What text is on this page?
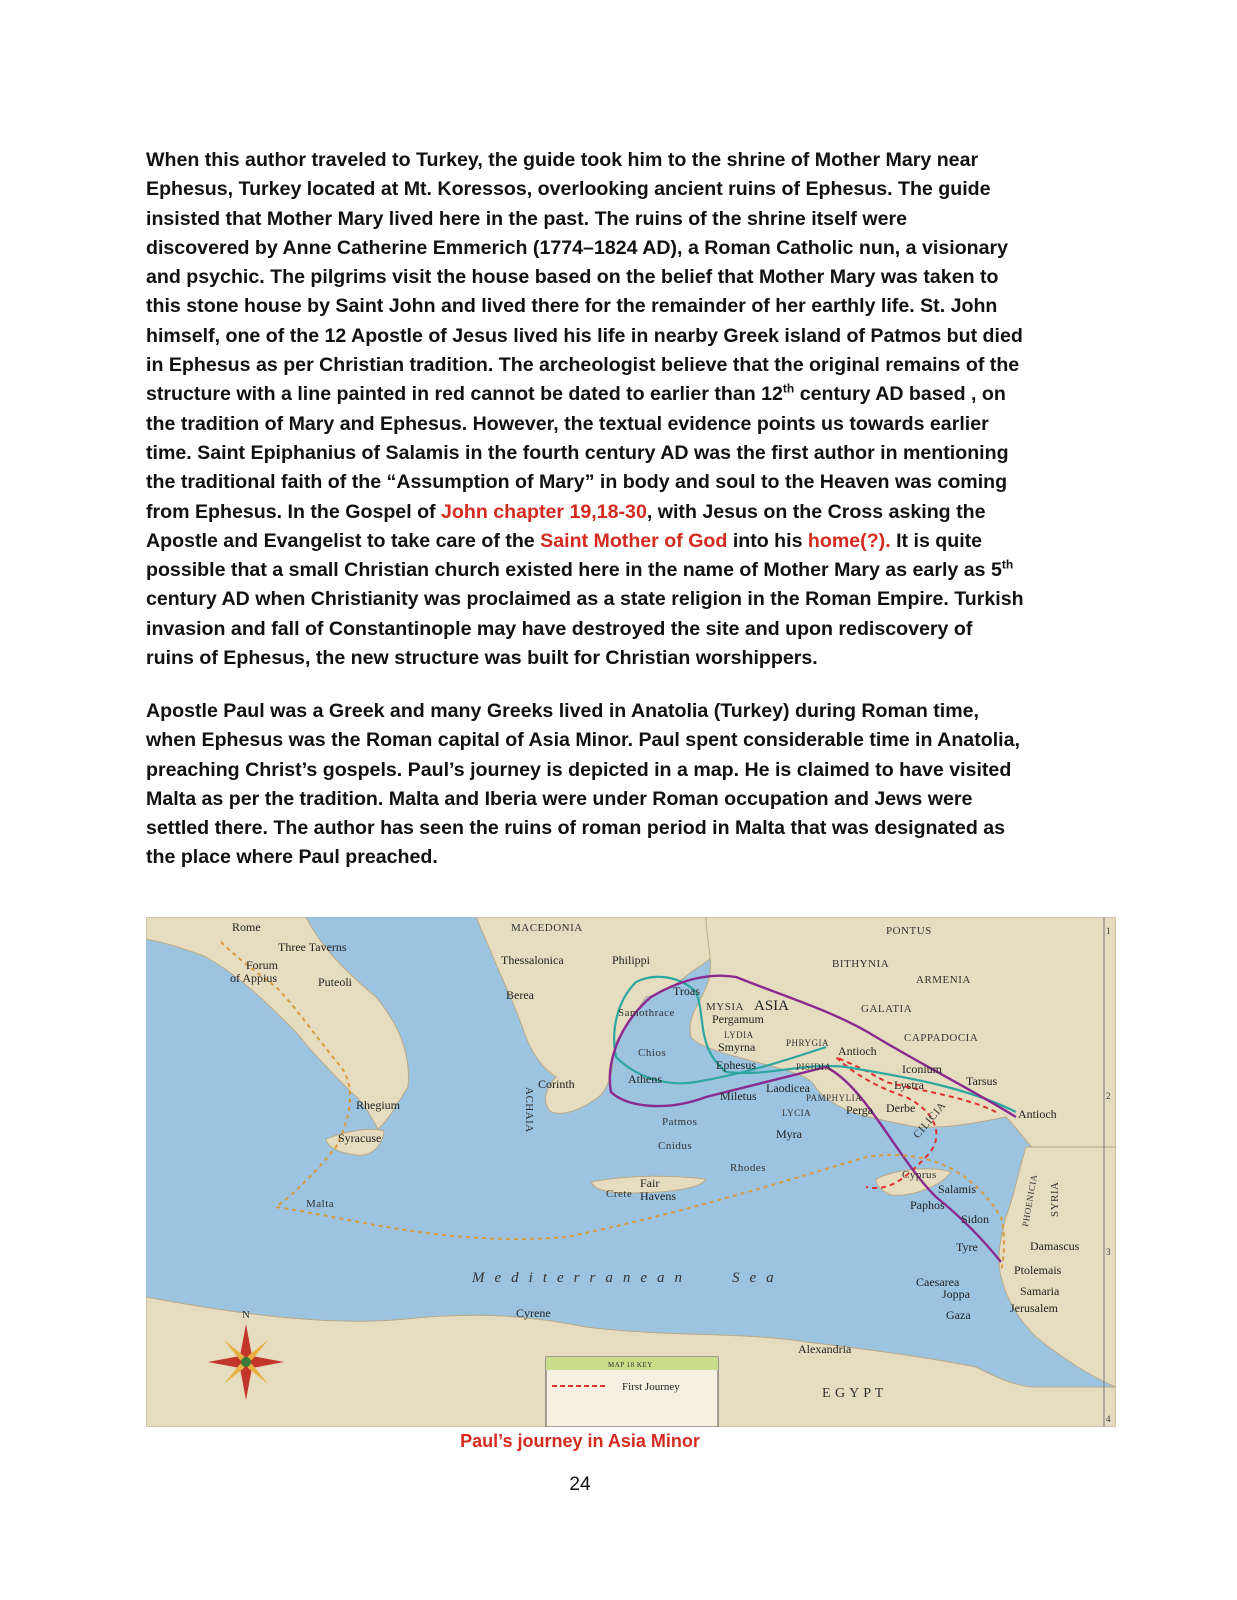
When this author traveled to Turkey, the guide took him to the shrine of Mother Mary near
Ephesus, Turkey located at Mt. Koressos, overlooking ancient ruins of Ephesus. The guide
insisted that Mother Mary lived here in the past. The ruins of the shrine itself were
discovered by Anne Catherine Emmerich (1774–1824 AD), a Roman Catholic nun, a visionary
and psychic. The pilgrims visit the house based on the belief that Mother Mary was taken to
this stone house by Saint John and lived there for the remainder of her earthly life. St. John
himself, one of the 12 Apostle of Jesus lived his life in nearby Greek island of Patmos but died
in Ephesus as per Christian tradition. The archeologist believe that the original remains of the
structure with a line painted in red cannot be dated to earlier than 12th century AD based , on
the tradition of Mary and Ephesus. However, the textual evidence points us towards earlier
time. Saint Epiphanius of Salamis in the fourth century AD was the first author in mentioning
the traditional faith of the “Assumption of Mary” in body and soul to the Heaven was coming
from Ephesus. In the Gospel of John chapter 19,18-30, with Jesus on the Cross asking the
Apostle and Evangelist to take care of the Saint Mother of God into his home(?). It is quite
possible that a small Christian church existed here in the name of Mother Mary as early as 5th
century AD when Christianity was proclaimed as a state religion in the Roman Empire. Turkish
invasion and fall of Constantinople may have destroyed the site and upon rediscovery of
ruins of Ephesus, the new structure was built for Christian worshippers.

Apostle Paul was a Greek and many Greeks lived in Anatolia (Turkey) during Roman time,
when Ephesus was the Roman capital of Asia Minor. Paul spent considerable time in Anatolia,
preaching Christ’s gospels. Paul’s journey is depicted in a map. He is claimed to have visited
Malta as per the tradition. Malta and Iberia were under Roman occupation and Jews were
settled there. The author has seen the ruins of roman period in Malta that was designated as
the place where Paul preached.

Rome
Three Taverns
Forum
of Appius	Puteoli
Rhegium
Syracuse
Malta
MACEDONIA
Thessalonica	Philippi
Berea	Troas
Samothrace
ACHAIA
Chios
Corinth	Athens
Patmos
Cnidus
Rhodes
Crete
Fair
Havens
Cyrene
MYSIA ASIA
Pergamum
LYDIA
Smyrna
Ephesus
Miletus
Laodicea
PHRYGIA
PISIDIA
PAMPHYLIA
LYCIA
Myra
Perga
PONTUS
BITHYNIA
ARMENIA
GALATIA
CAPPADOCIA
Antioch
Iconium
Lystra
Derbe
CILICIA
Tarsus
Antioch
Cyprus
Salamis
Paphos	SYRIA
PHOENICIA
Sidon
Tyre	Damascus
Ptolemais
Caesarea
Samaria
Joppa
Jerusalem
Gaza
Alexandria
E G Y P T
Mediterranean	Sea
MAP 18 KEY
First Journey
N
1
2
3
4
Paul’s journey in Asia Minor
24
